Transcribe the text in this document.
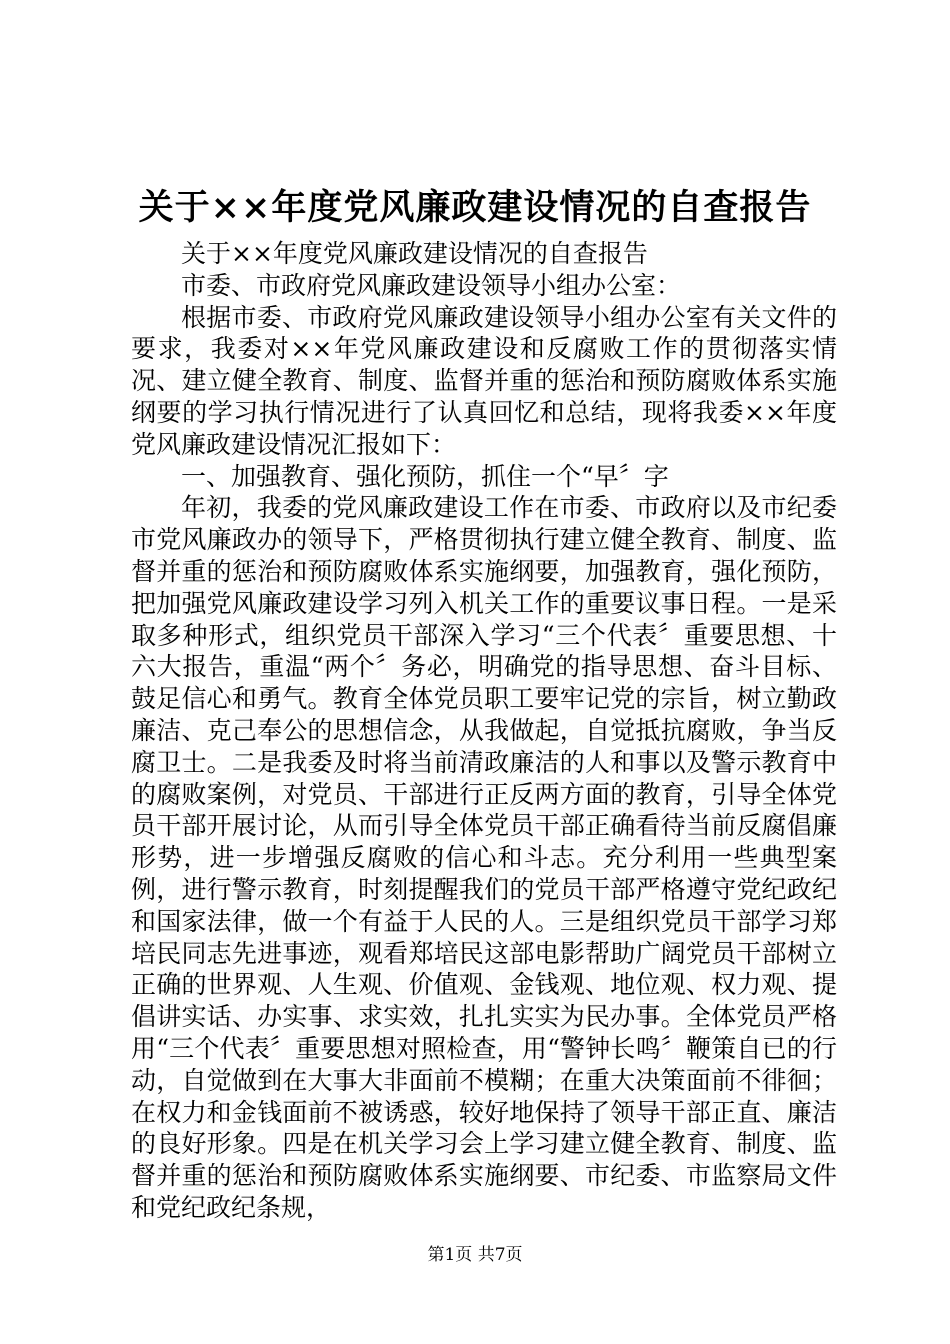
关于××年度党风廉政建设情况的自查报告

关于××年度党风廉政建设情况的自查报告

市委、市政府党风廉政建设领导小组办公室：

根据市委、市政府党风廉政建设领导小组办公室有关文件的要求，我委对××年党风廉政建设和反腐败工作的贯彻落实情况、建立健全教育、制度、监督并重的惩治和预防腐败体系实施纲要的学习执行情况进行了认真回忆和总结，现将我委××年度党风廉政建设情况汇报如下：

一、加强教育、强化预防，抓住一个“早〞字

年初，我委的党风廉政建设工作在市委、市政府以及市纪委市党风廉政办的领导下，严格贯彻执行建立健全教育、制度、监督并重的惩治和预防腐败体系实施纲要，加强教育，强化预防，把加强党风廉政建设学习列入机关工作的重要议事日程。一是采取多种形式，组织党员干部深入学习“三个代表〞重要思想、十六大报告，重温“两个〞务必，明确党的指导思想、奋斗目标、鼓足信心和勇气。教育全体党员职工要牢记党的宗旨，树立勤政廉洁、克己奉公的思想信念，从我做起，自觉抵抗腐败，争当反腐卫士。二是我委及时将当前清政廉洁的人和事以及警示教育中的腐败案例，对党员、干部进行正反两方面的教育，引导全体党员干部开展讨论，从而引导全体党员干部正确看待当前反腐倡廉形势，进一步增强反腐败的信心和斗志。充分利用一些典型案例，进行警示教育，时刻提醒我们的党员干部严格遵守党纪政纪和国家法律，做一个有益于人民的人。三是组织党员干部学习郑培民同志先进事迹，观看郑培民这部电影帮助广阔党员干部树立正确的世界观、人生观、价值观、金钱观、地位观、权力观、提倡讲实话、办实事、求实效，扎扎实实为民办事。全体党员严格用“三个代表〞重要思想对照检查，用“警钟长鸣〞鞭策自已的行动，自觉做到在大事大非面前不模糊；在重大决策面前不徘徊；在权力和金钱面前不被诱惑，较好地保持了领导干部正直、廉洁的良好形象。四是在机关学习会上学习建立健全教育、制度、监督并重的惩治和预防腐败体系实施纲要、市纪委、市监察局文件和党纪政纪条规，

第1页 共7页
